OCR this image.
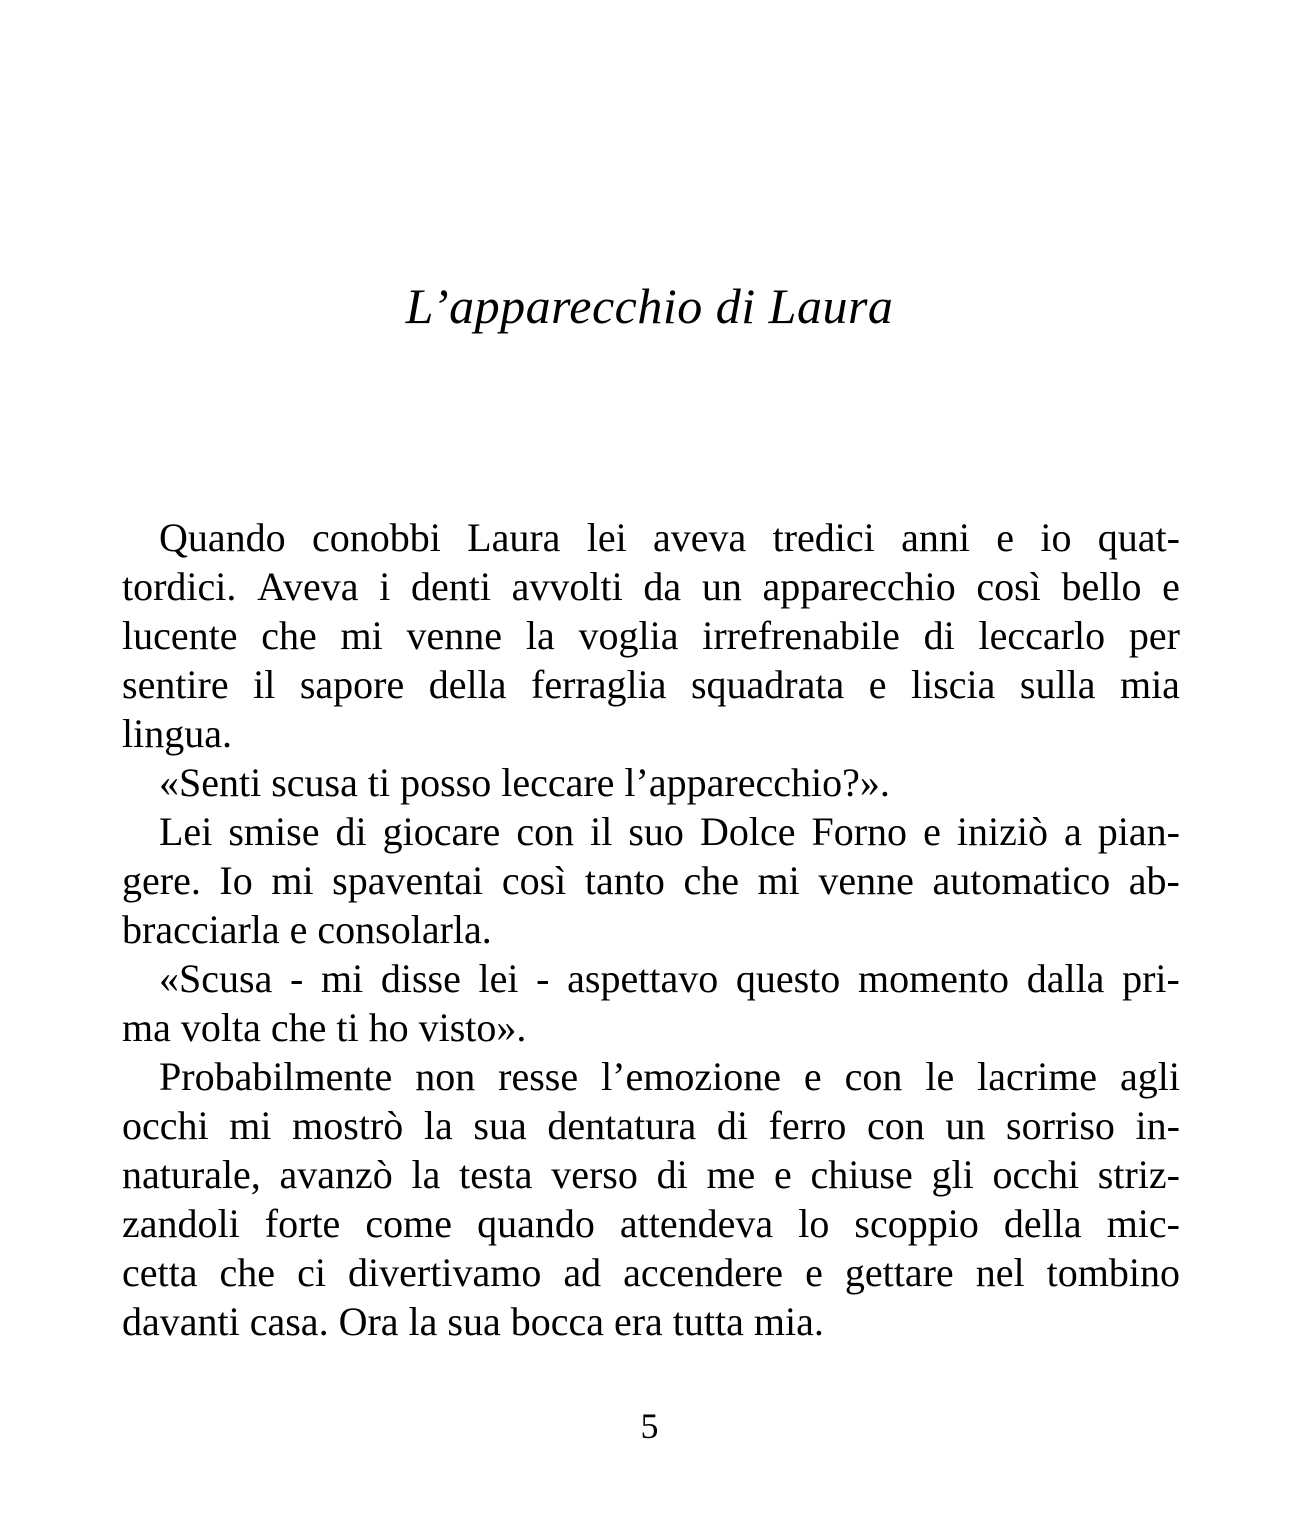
L’apparecchio di Laura
Quando conobbi Laura lei aveva tredici anni e io quat-
tordici. Aveva i denti avvolti da un apparecchio così bello e
lucente che mi venne la voglia irrefrenabile di leccarlo per
sentire il sapore della ferraglia squadrata e liscia sulla mia
lingua.
«Senti scusa ti posso leccare l’apparecchio?».
Lei smise di giocare con il suo Dolce Forno e iniziò a pian-
gere. Io mi spaventai così tanto che mi venne automatico ab-
bracciarla e consolarla.
«Scusa - mi disse lei - aspettavo questo momento dalla pri-
ma volta che ti ho visto».
Probabilmente non resse l’emozione e con le lacrime agli
occhi mi mostrò la sua dentatura di ferro con un sorriso in-
naturale, avanzò la testa verso di me e chiuse gli occhi striz-
zandoli forte come quando attendeva lo scoppio della mic-
cetta che ci divertivamo ad accendere e gettare nel tombino
davanti casa. Ora la sua bocca era tutta mia.
5
